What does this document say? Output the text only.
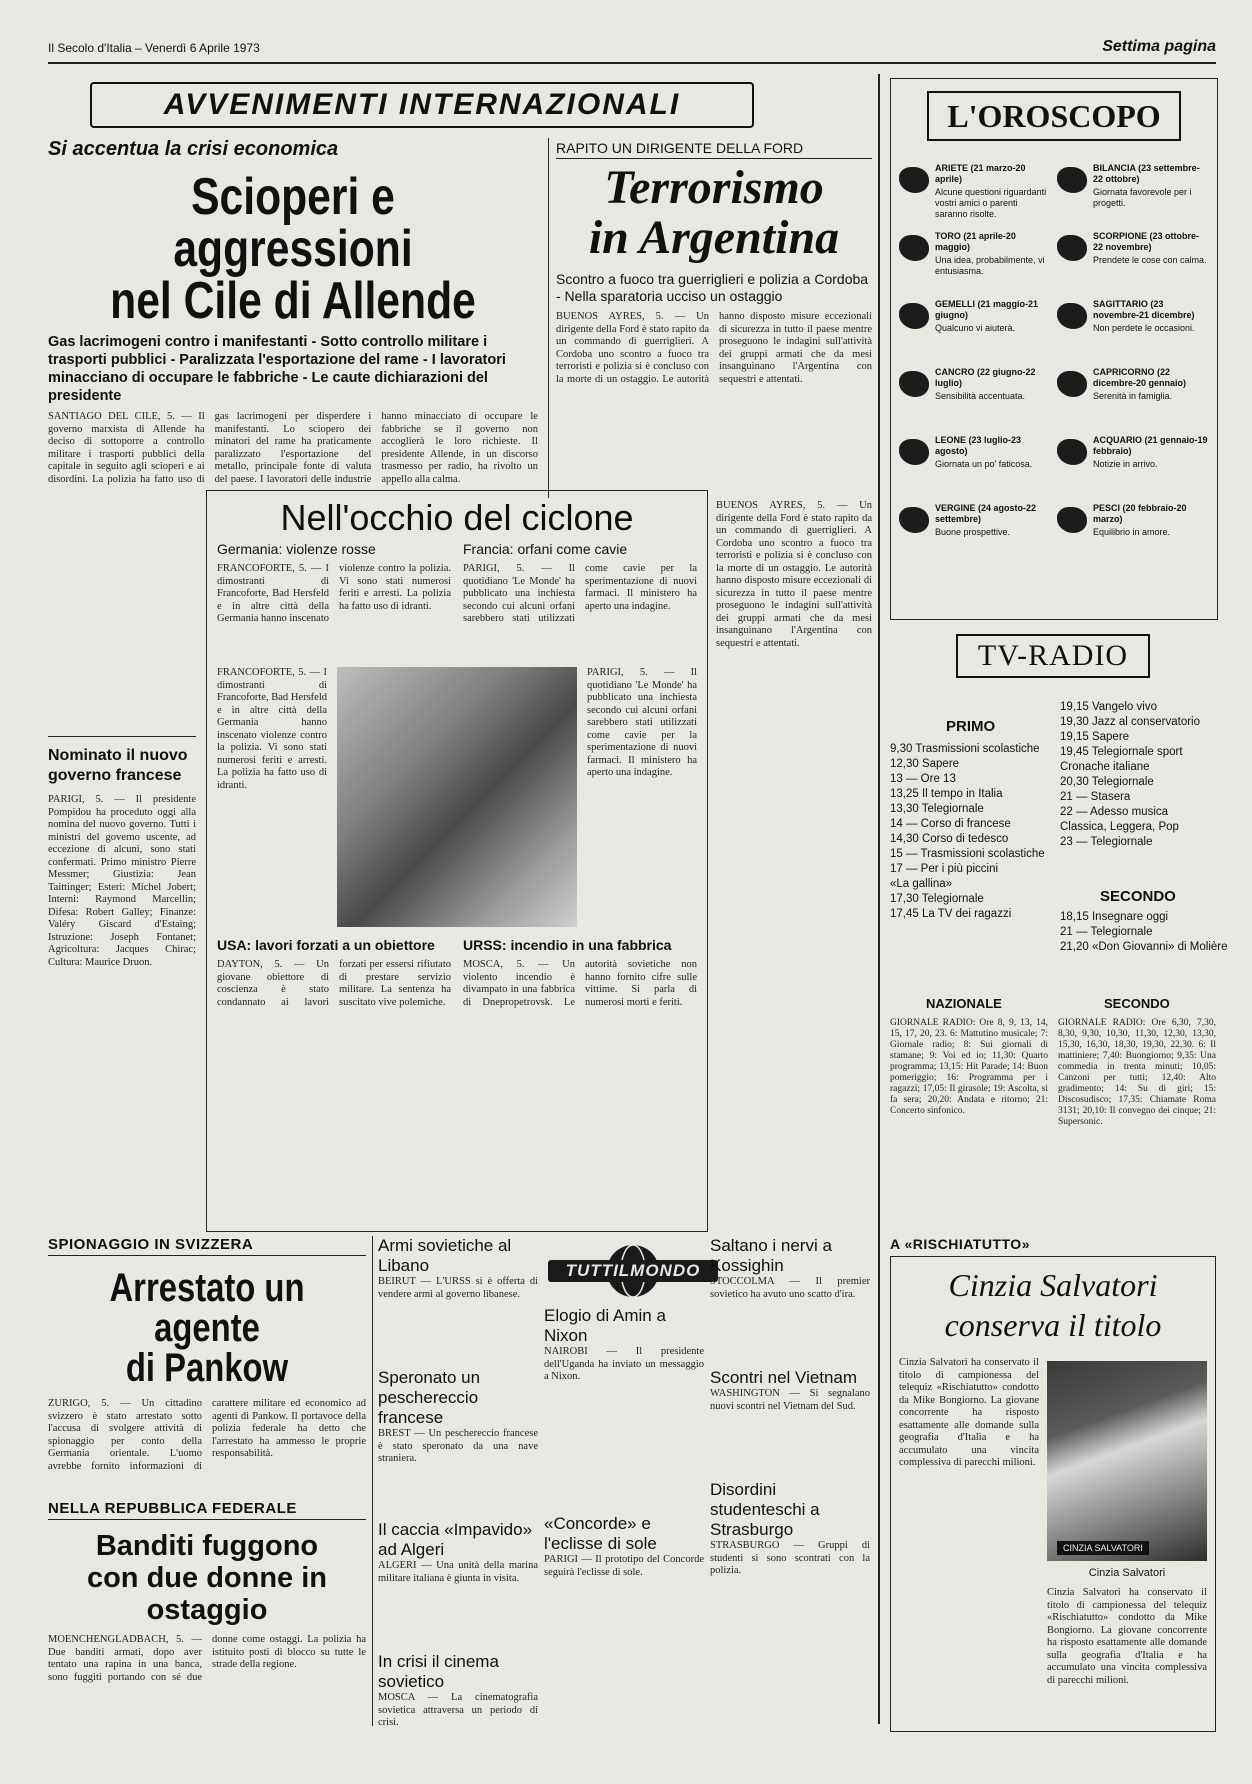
Il Secolo d'Italia – Venerdì 6 Aprile 1973	Settima pagina
AVVENIMENTI INTERNAZIONALI
Si accentua la crisi economica
Scioperi e aggressioni
nel Cile di Allende
Gas lacrimogeni contro i manifestanti - Sotto controllo militare i trasporti pubblici - Paralizzata l'esportazione del rame - I lavoratori minacciano di occupare le fabbriche - Le caute dichiarazioni del presidente
SANTIAGO DEL CILE, 5. — Il governo marxista di Allende ha deciso di sottoporre a controllo militare i trasporti pubblici della capitale in seguito agli scioperi e ai disordini. La polizia ha fatto uso di gas lacrimogeni per disperdere i manifestanti. Lo sciopero dei minatori del rame ha praticamente paralizzato l'esportazione del metallo, principale fonte di valuta del paese. I lavoratori delle industrie hanno minacciato di occupare le fabbriche se il governo non accoglierà le loro richieste. Il presidente Allende, in un discorso trasmesso per radio, ha rivolto un appello alla calma.
RAPITO UN DIRIGENTE DELLA FORD
Terrorismo
in Argentina
Scontro a fuoco tra guerriglieri e polizia a Cordoba - Nella sparatoria ucciso un ostaggio
BUENOS AYRES, 5. — Un dirigente della Ford è stato rapito da un commando di guerriglieri. A Cordoba uno scontro a fuoco tra terroristi e polizia si è concluso con la morte di un ostaggio. Le autorità hanno disposto misure eccezionali di sicurezza in tutto il paese mentre proseguono le indagini sull'attività dei gruppi armati che da mesi insanguinano l'Argentina con sequestri e attentati.
Nominato il nuovo governo francese
PARIGI, 5. — Il presidente Pompidou ha proceduto oggi alla nomina del nuovo governo. Tutti i ministri del governo uscente, ad eccezione di alcuni, sono stati confermati. Primo ministro Pierre Messmer; Giustizia: Jean Taittinger; Esteri: Michel Jobert; Interni: Raymond Marcellin; Difesa: Robert Galley; Finanze: Valéry Giscard d'Estaing; Istruzione: Joseph Fontanet; Agricoltura: Jacques Chirac; Cultura: Maurice Druon.
Nell'occhio del ciclone
Germania: violenze rosse	Francia: orfani come cavie
FRANCOFORTE, 5. — I dimostranti di Francoforte, Bad Hersfeld e in altre città della Germania hanno inscenato violenze contro la polizia. Vi sono stati numerosi feriti e arresti. La polizia ha fatto uso di idranti.
PARIGI, 5. — Il quotidiano 'Le Monde' ha pubblicato una inchiesta secondo cui alcuni orfani sarebbero stati utilizzati come cavie per la sperimentazione di nuovi farmaci. Il ministero ha aperto una indagine.
FRANCOFORTE, 5. — I dimostranti di Francoforte, Bad Hersfeld e in altre città della Germania hanno inscenato violenze contro la polizia. Vi sono stati numerosi feriti e arresti. La polizia ha fatto uso di idranti.
PARIGI, 5. — Il quotidiano 'Le Monde' ha pubblicato una inchiesta secondo cui alcuni orfani sarebbero stati utilizzati come cavie per la sperimentazione di nuovi farmaci. Il ministero ha aperto una indagine.
USA: lavori forzati a un obiettore URSS: incendio in una fabbrica
DAYTON, 5. — Un giovane obiettore di coscienza è stato condannato ai lavori forzati per essersi rifiutato di prestare servizio militare. La sentenza ha suscitato vive polemiche.
MOSCA, 5. — Un violento incendio è divampato in una fabbrica di Dnepropetrovsk. Le autorità sovietiche non hanno fornito cifre sulle vittime. Si parla di numerosi morti e feriti.
BUENOS AYRES, 5. — Un dirigente della Ford è stato rapito da un commando di guerriglieri. A Cordoba uno scontro a fuoco tra terroristi e polizia si è concluso con la morte di un ostaggio. Le autorità hanno disposto misure eccezionali di sicurezza in tutto il paese mentre proseguono le indagini sull'attività dei gruppi armati che da mesi insanguinano l'Argentina con sequestri e attentati.
L'OROSCOPO
ARIETE (21 marzo-20 aprile)
Alcune questioni riguardanti vostri amici o parenti saranno risolte.
BILANCIA (23 settembre-22 ottobre)
Giornata favorevole per i progetti.
TORO (21 aprile-20 maggio)
Una idea, probabilmente, vi entusiasma.
SCORPIONE (23 ottobre-22 novembre)
Prendete le cose con calma.
GEMELLI (21 maggio-21 giugno)
Qualcuno vi aiuterà.
SAGITTARIO (23 novembre-21 dicembre)
Non perdete le occasioni.
CANCRO (22 giugno-22 luglio)
Sensibilità accentuata.
CAPRICORNO (22 dicembre-20 gennaio)
Serenità in famiglia.
LEONE (23 luglio-23 agosto)
Giornata un po' faticosa.
ACQUARIO (21 gennaio-19 febbraio)
Notizie in arrivo.
VERGINE (24 agosto-22 settembre)
Buone prospettive.
PESCI (20 febbraio-20 marzo)
Equilibrio in amore.
TV-RADIO
PRIMO
9,30 Trasmissioni scolastiche
12,30 Sapere
13 — Ore 13
13,25 Il tempo in Italia
13,30 Telegiornale
14 — Corso di francese
14,30 Corso di tedesco
15 — Trasmissioni scolastiche
17 — Per i più piccini
«La gallina»
17,30 Telegiornale
17,45 La TV dei ragazzi
19,15 Vangelo vivo
19,30 Jazz al conservatorio
19,15 Sapere
19,45 Telegiornale sport
Cronache italiane
20,30 Telegiornale
21 — Stasera
22 — Adesso musica
Classica, Leggera, Pop
23 — Telegiornale
SECONDO
18,15 Insegnare oggi
21 — Telegiornale
21,20 «Don Giovanni» di Molière
NAZIONALE	SECONDO
GIORNALE RADIO: Ore 8, 9, 13, 14, 15, 17, 20, 23. 6: Mattutino musicale; 7: Giornale radio; 8: Sui giornali di stamane; 9: Voi ed io; 11,30: Quarto programma; 13,15: Hit Parade; 14: Buon pomeriggio; 16: Programma per i ragazzi; 17,05: Il girasole; 19: Ascolta, si fa sera; 20,20: Andata e ritorno; 21: Concerto sinfonico.
GIORNALE RADIO: Ore 6,30, 7,30, 8,30, 9,30, 10,30, 11,30, 12,30, 13,30, 15,30, 16,30, 18,30, 19,30, 22,30. 6: Il mattiniere; 7,40: Buongiorno; 9,35: Una commedia in trenta minuti; 10,05: Canzoni per tutti; 12,40: Alto gradimento; 14: Su di giri; 15: Discosudisco; 17,35: Chiamate Roma 3131; 20,10: Il convegno dei cinque; 21: Supersonic.
SPIONAGGIO IN SVIZZERA
Arrestato un agente
di Pankow
ZURIGO, 5. — Un cittadino svizzero è stato arrestato sotto l'accusa di svolgere attività di spionaggio per conto della Germania orientale. L'uomo avrebbe fornito informazioni di carattere militare ed economico ad agenti di Pankow. Il portavoce della polizia federale ha detto che l'arrestato ha ammesso le proprie responsabilità.
NELLA REPUBBLICA FEDERALE
Banditi fuggono
con due donne in ostaggio
MOENCHENGLADBACH, 5. — Due banditi armati, dopo aver tentato una rapina in una banca, sono fuggiti portando con sé due donne come ostaggi. La polizia ha istituito posti di blocco su tutte le strade della regione.
TUTTILMONDO
Armi sovietiche al Libano
BEIRUT — L'URSS si è offerta di vendere armi al governo libanese.
Speronato un peschereccio francese
BREST — Un peschereccio francese è stato speronato da una nave straniera.
Il caccia «Impavido» ad Algeri
ALGERI — Una unità della marina militare italiana è giunta in visita.
In crisi il cinema sovietico
MOSCA — La cinematografia sovietica attraversa un periodo di crisi.
Elogio di Amin a Nixon
NAIROBI — Il presidente dell'Uganda ha inviato un messaggio a Nixon.
«Concorde» e l'eclisse di sole
PARIGI — Il prototipo del Concorde seguirà l'eclisse di sole.
Saltano i nervi a Kossighin
STOCCOLMA — Il premier sovietico ha avuto uno scatto d'ira.
Scontri nel Vietnam
WASHINGTON — Si segnalano nuovi scontri nel Vietnam del Sud.
Disordini studenteschi a Strasburgo
STRASBURGO — Gruppi di studenti si sono scontrati con la polizia.
A «RISCHIATUTTO»
Cinzia Salvatori
conserva il titolo
Cinzia Salvatori ha conservato il titolo di campionessa del telequiz «Rischiatutto» condotto da Mike Bongiorno. La giovane concorrente ha risposto esattamente alle domande sulla geografia d'Italia e ha accumulato una vincita complessiva di parecchi milioni.
CINZIA SALVATORI
Cinzia Salvatori
Cinzia Salvatori ha conservato il titolo di campionessa del telequiz «Rischiatutto» condotto da Mike Bongiorno. La giovane concorrente ha risposto esattamente alle domande sulla geografia d'Italia e ha accumulato una vincita complessiva di parecchi milioni.
